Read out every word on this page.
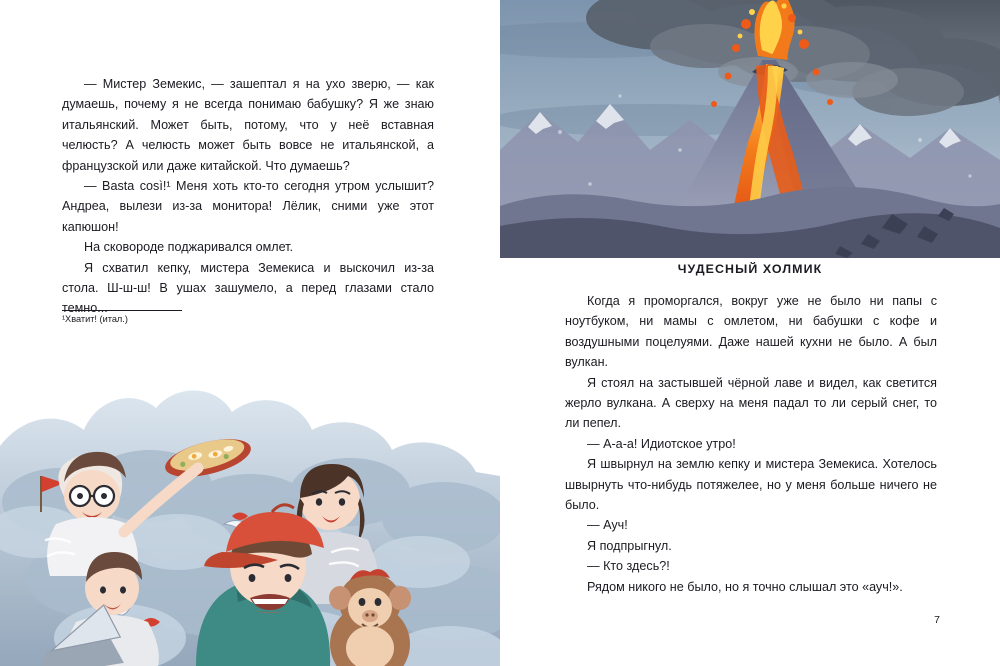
— Мистер Земекис, — зашептал я на ухо зверю, — как думаешь, почему я не всегда понимаю бабушку? Я же знаю итальянский. Может быть, потому, что у неё вставная челюсть? А челюсть может быть вовсе не итальянской, а французской или даже китайской. Что думаешь?

— Basta così!¹ Меня хоть кто-то сегодня утром услышит? Андреа, вылези из-за монитора! Лёлик, сними уже этот капюшон!

На сковороде поджаривался омлет.

Я схватил кепку, мистера Земекиса и выскочил из-за стола. Ш-ш-ш! В ушах зашумело, а перед глазами стало темно...

¹Хватит! (итал.)
ЧУДЕСНЫЙ ХОЛМИК

Когда я проморгался, вокруг уже не было ни папы с ноутбуком, ни мамы с омлетом, ни бабушки с кофе и воздушными поцелуями. Даже нашей кухни не было. А был вулкан.

Я стоял на застывшей чёрной лаве и видел, как светится жерло вулкана. А сверху на меня падал то ли серый снег, то ли пепел.

— А-а-а! Идиотское утро!

Я швырнул на землю кепку и мистера Земекиса. Хотелось швырнуть что-нибудь потяжелее, но у меня больше ничего не было.

— Ауч!

Я подпрыгнул.

— Кто здесь?!

Рядом никого не было, но я точно слышал это «ауч!».

7
